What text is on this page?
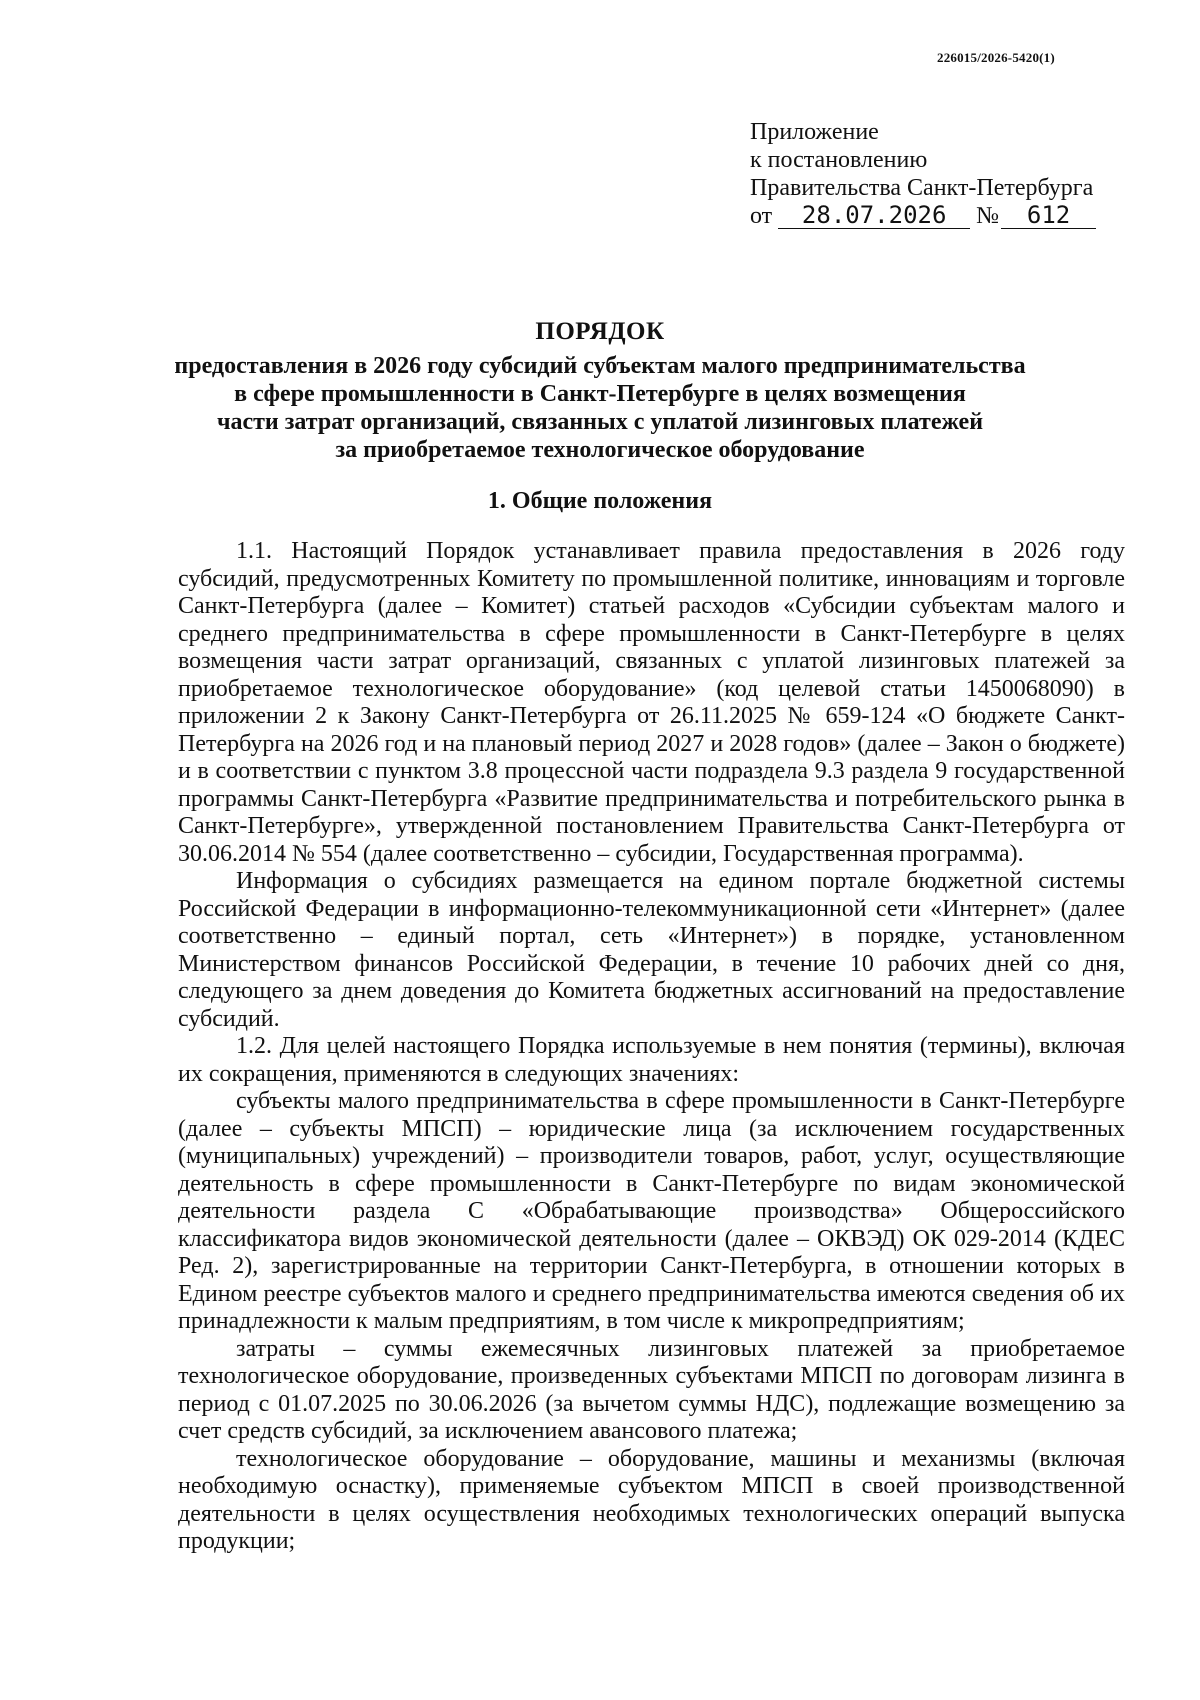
226015/2026-5420(1)
Приложение
к постановлению
Правительства Санкт-Петербурга
от 28.07.2026 № 612
ПОРЯДОК
предоставления в 2026 году субсидий субъектам малого предпринимательства
в сфере промышленности в Санкт-Петербурге в целях возмещения
части затрат организаций, связанных с уплатой лизинговых платежей
за приобретаемое технологическое оборудование
1. Общие положения

1.1. Настоящий Порядок устанавливает правила предоставления в 2026 году субсидий, предусмотренных Комитету по промышленной политике, инновациям и торговле Санкт-Петербурга (далее – Комитет) статьей расходов «Субсидии субъектам малого и среднего предпринимательства в сфере промышленности в Санкт-Петербурге в целях возмещения части затрат организаций, связанных с уплатой лизинговых платежей за приобретаемое технологическое оборудование» (код целевой статьи 1450068090) в приложении 2 к Закону Санкт-Петербурга от 26.11.2025 № 659-124 «О бюджете Санкт-Петербурга на 2026 год и на плановый период 2027 и 2028 годов» (далее – Закон о бюджете) и в соответствии с пунктом 3.8 процессной части подраздела 9.3 раздела 9 государственной программы Санкт-Петербурга «Развитие предпринимательства и потребительского рынка в Санкт-Петербурге», утвержденной постановлением Правительства Санкт-Петербурга от 30.06.2014 № 554 (далее соответственно – субсидии, Государственная программа).

Информация о субсидиях размещается на едином портале бюджетной системы Российской Федерации в информационно-телекоммуникационной сети «Интернет» (далее соответственно – единый портал, сеть «Интернет») в порядке, установленном Министерством финансов Российской Федерации, в течение 10 рабочих дней со дня, следующего за днем доведения до Комитета бюджетных ассигнований на предоставление субсидий.

1.2. Для целей настоящего Порядка используемые в нем понятия (термины), включая их сокращения, применяются в следующих значениях:

субъекты малого предпринимательства в сфере промышленности в Санкт-Петербурге (далее – субъекты МПСП) – юридические лица (за исключением государственных (муниципальных) учреждений) – производители товаров, работ, услуг, осуществляющие деятельность в сфере промышленности в Санкт-Петербурге по видам экономической деятельности раздела С «Обрабатывающие производства» Общероссийского классификатора видов экономической деятельности (далее – ОКВЭД) ОК 029-2014 (КДЕС Ред. 2), зарегистрированные на территории Санкт-Петербурга, в отношении которых в Едином реестре субъектов малого и среднего предпринимательства имеются сведения об их принадлежности к малым предприятиям, в том числе к микропредприятиям;

затраты – суммы ежемесячных лизинговых платежей за приобретаемое технологическое оборудование, произведенных субъектами МПСП по договорам лизинга в период с 01.07.2025 по 30.06.2026 (за вычетом суммы НДС), подлежащие возмещению за счет средств субсидий, за исключением авансового платежа;

технологическое оборудование – оборудование, машины и механизмы (включая необходимую оснастку), применяемые субъектом МПСП в своей производственной деятельности в целях осуществления необходимых технологических операций выпуска продукции;
